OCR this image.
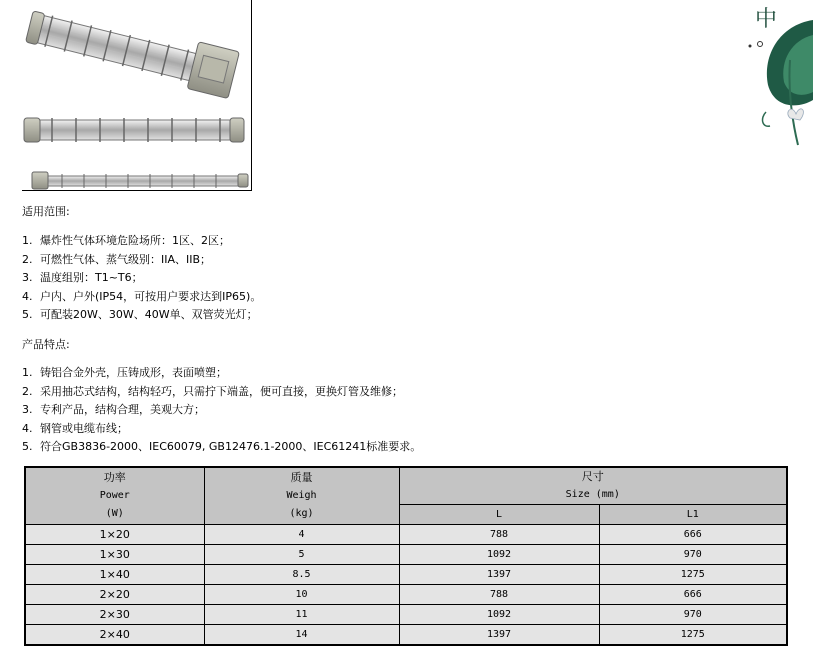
中

适用范围:

1. 爆炸性气体环境危险场所：1区、2区；
2. 可燃性气体、蒸气级别：IIA、IIB；
3. 温度组别：T1~T6；
4. 户内、户外(IP54，可按用户要求达到IP65)。
5. 可配装20W、30W、40W单、双管荧光灯；

产品特点:

1. 铸铝合金外壳，压铸成形，表面喷塑；
2. 采用抽芯式结构，结构轻巧，只需拧下端盖，便可直接，更换灯管及维修；
3. 专利产品，结构合理，美观大方；
4. 钢管或电缆布线；
5. 符合GB3836-2000、IEC60079, GB12476.1-2000、IEC61241标准要求。
功率
Power
(W)	质量
Weigh
(kg)	尺寸
Size (mm)	

		L	L1
1×20	4	788	666
1×30	5	1092	970
1×40	8.5	1397	1275
2×20	10	788	666
2×30	11	1092	970
2×40	14	1397	1275
